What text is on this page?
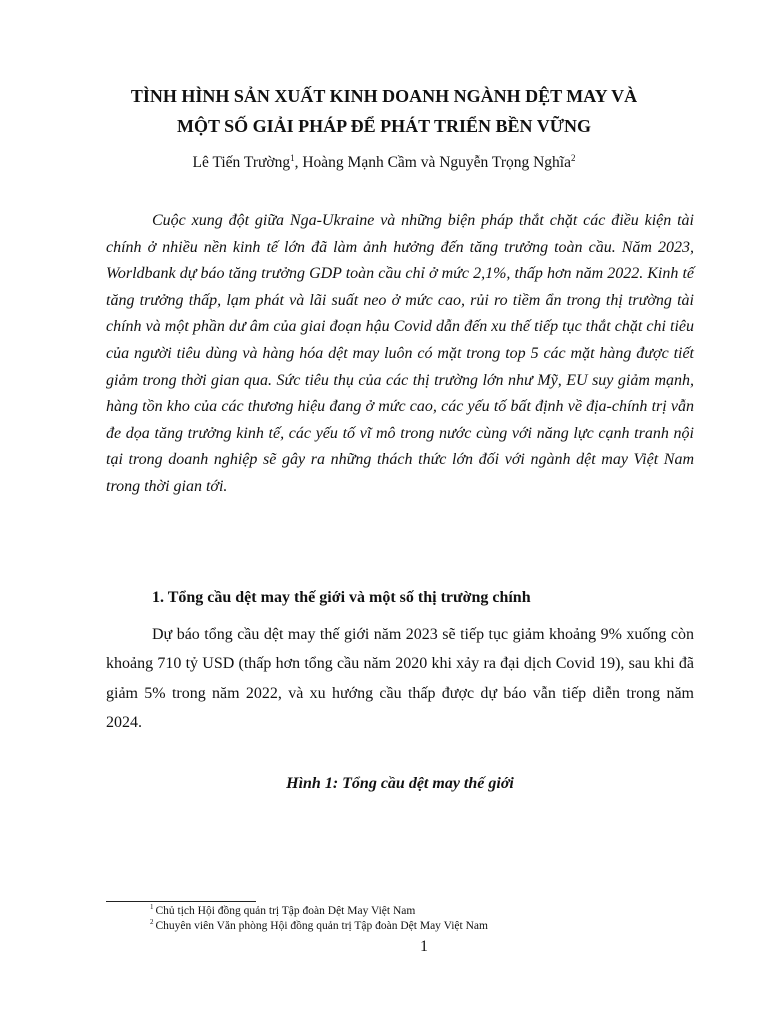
TÌNH HÌNH SẢN XUẤT KINH DOANH NGÀNH DỆT MAY VÀ
MỘT SỐ GIẢI PHÁP ĐỂ PHÁT TRIỂN BỀN VỮNG
Lê Tiến Trường$^1$, Hoàng Mạnh Cầm và Nguyễn Trọng Nghĩa$^2$

Cuộc xung đột giữa Nga-Ukraine và những biện pháp thắt chặt các điều kiện tài chính ở nhiều nền kinh tế lớn đã làm ảnh hưởng đến tăng trưởng toàn cầu. Năm 2023, Worldbank dự báo tăng trưởng GDP toàn cầu chỉ ở mức 2,1%, thấp hơn năm 2022. Kinh tế tăng trưởng thấp, lạm phát và lãi suất neo ở mức cao, rủi ro tiềm ẩn trong thị trường tài chính và một phần dư âm của giai đoạn hậu Covid dẫn đến xu thế tiếp tục thắt chặt chi tiêu của người tiêu dùng và hàng hóa dệt may luôn có mặt trong top 5 các mặt hàng được tiết giảm trong thời gian qua. Sức tiêu thụ của các thị trường lớn như Mỹ, EU suy giảm mạnh, hàng tồn kho của các thương hiệu đang ở mức cao, các yếu tố bất định về địa-chính trị vẫn đe dọa tăng trưởng kinh tế, các yếu tố vĩ mô trong nước cùng với năng lực cạnh tranh nội tại trong doanh nghiệp sẽ gây ra những thách thức lớn đối với ngành dệt may Việt Nam trong thời gian tới.

1. Tổng cầu dệt may thế giới và một số thị trường chính

Dự báo tổng cầu dệt may thế giới năm 2023 sẽ tiếp tục giảm khoảng 9% xuống còn khoảng 710 tỷ USD (thấp hơn tổng cầu năm 2020 khi xảy ra đại dịch Covid 19), sau khi đã giảm 5% trong năm 2022, và xu hướng cầu thấp được dự báo vẫn tiếp diễn trong năm 2024.

Hình 1: Tổng cầu dệt may thế giới
$^1$ Chủ tịch Hội đồng quản trị Tập đoàn Dệt May Việt Nam
$^2$ Chuyên viên Văn phòng Hội đồng quản trị Tập đoàn Dệt May Việt Nam
1
